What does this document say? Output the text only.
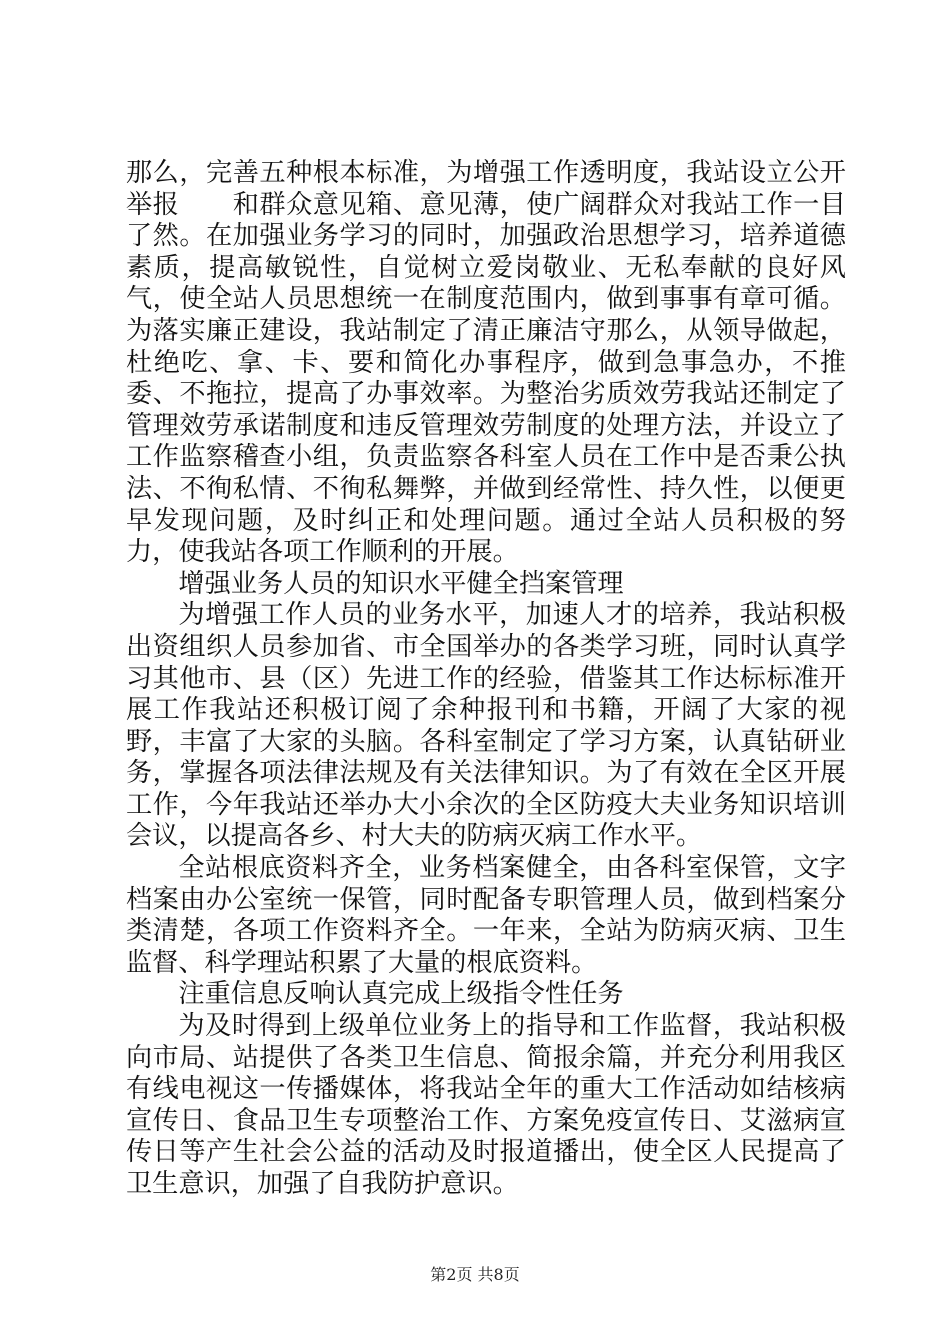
那么，完善五种根本标准，为增强工作透明度，我站设立公开举报　　和群众意见箱、意见薄，使广阔群众对我站工作一目了然。在加强业务学习的同时，加强政治思想学习，培养道德素质，提高敏锐性，自觉树立爱岗敬业、无私奉献的良好风气，使全站人员思想统一在制度范围内，做到事事有章可循。为落实廉正建设，我站制定了清正廉洁守那么，从领导做起，杜绝吃、拿、卡、要和简化办事程序，做到急事急办，不推委、不拖拉，提高了办事效率。为整治劣质效劳我站还制定了管理效劳承诺制度和违反管理效劳制度的处理方法，并设立了工作监察稽查小组，负责监察各科室人员在工作中是否秉公执法、不徇私情、不徇私舞弊，并做到经常性、持久性，以便更早发现问题，及时纠正和处理问题。通过全站人员积极的努力，使我站各项工作顺利的开展。

增强业务人员的知识水平健全挡案管理

为增强工作人员的业务水平，加速人才的培养，我站积极出资组织人员参加省、市全国举办的各类学习班，同时认真学习其他市、县（区）先进工作的经验，借鉴其工作达标标准开展工作我站还积极订阅了余种报刊和书籍，开阔了大家的视野，丰富了大家的头脑。各科室制定了学习方案，认真钻研业务，掌握各项法律法规及有关法律知识。为了有效在全区开展工作，今年我站还举办大小余次的全区防疫大夫业务知识培训会议，以提高各乡、村大夫的防病灭病工作水平。

全站根底资料齐全，业务档案健全，由各科室保管，文字档案由办公室统一保管，同时配备专职管理人员，做到档案分类清楚，各项工作资料齐全。一年来，全站为防病灭病、卫生监督、科学理站积累了大量的根底资料。

注重信息反响认真完成上级指令性任务

为及时得到上级单位业务上的指导和工作监督，我站积极向市局、站提供了各类卫生信息、简报余篇，并充分利用我区有线电视这一传播媒体，将我站全年的重大工作活动如结核病宣传日、食品卫生专项整治工作、方案免疫宣传日、艾滋病宣传日等产生社会公益的活动及时报道播出，使全区人民提高了卫生意识，加强了自我防护意识。

第2页 共8页
